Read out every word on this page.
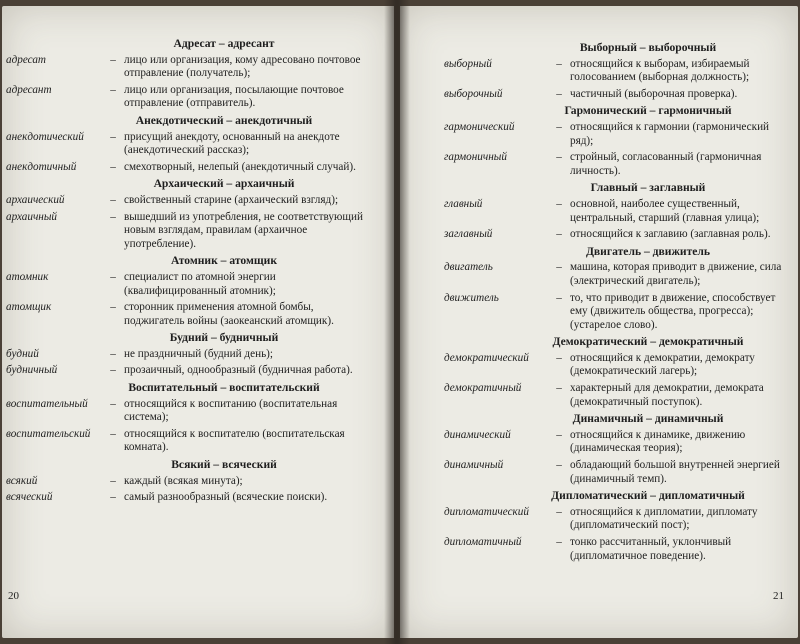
Адресат – адресант
адресат	– лицо или организация, кому адресовано почтовое отправление (получатель);
адресант	– лицо или организация, посылающие почтовое отправление (отправитель).
Анекдотический – анекдотичный
анекдотический	– присущий анекдоту, основанный на анекдоте (анекдотический рассказ);
анекдотичный	– смехотворный, нелепый (анекдотичный случай).
Архаический – архаичный
архаический	– свойственный старине (архаический взгляд);
архаичный	– вышедший из употребления, не соответствующий новым взглядам, правилам (архаичное употребление).
Атомник – атомщик
атомник	– специалист по атомной энергии (квалифицированный атомник);
атомщик	– сторонник применения атомной бомбы, поджигатель войны (заокеанский атомщик).
Будний – будничный
будний	– не праздничный (будний день);
будничный	– прозаичный, однообразный (будничная работа).
Воспитательный – воспитательский
воспитательный	– относящийся к воспитанию (воспитательная система);
воспитательский	– относящийся к воспитателю (воспитательская комната).
Всякий – всяческий
всякий	– каждый (всякая минута);
всяческий	– самый разнообразный (всяческие поиски).
20
Выборный – выборочный
выборный	– относящийся к выборам, избираемый голосованием (выборная должность);
выборочный	– частичный (выборочная проверка).
Гармонический – гармоничный
гармонический	– относящийся к гармонии (гармонический ряд);
гармоничный	– стройный, согласованный (гармоничная личность).
Главный – заглавный
главный	– основной, наиболее существенный, центральный, старший (главная улица);
заглавный	– относящийся к заглавию (заглавная роль).
Двигатель – движитель
двигатель	– машина, которая приводит в движение, сила (электрический двигатель);
движитель	– то, что приводит в движение, способствует ему (движитель общества, прогресса); (устарелое слово).
Демократический – демократичный
демократический	– относящийся к демократии, демократу (демократический лагерь);
демократичный	– характерный для демократии, демократа (демократичный поступок).
Динамичный – динамичный
динамический	– относящийся к динамике, движению (динамическая теория);
динамичный	– обладающий большой внутренней энергией (динамичный темп).
Дипломатический – дипломатичный
дипломатический	– относящийся к дипломатии, дипломату (дипломатический пост);
дипломатичный	– тонко рассчитанный, уклончивый (дипломатичное поведение).
21
